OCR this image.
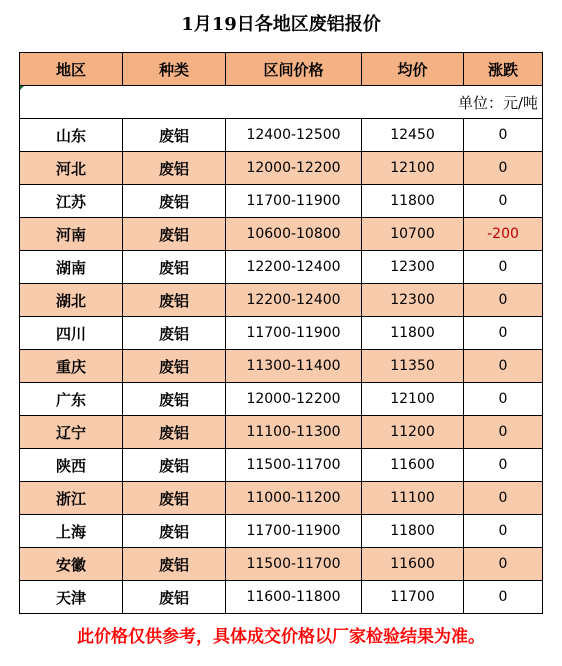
1月19日各地区废铝报价
地区	种类	区间价格	均价	涨跌
单位：元/吨				
山东	废铝	12400-12500	12450	0
河北	废铝	12000-12200	12100	0
江苏	废铝	11700-11900	11800	0
河南	废铝	10600-10800	10700	-200
湖南	废铝	12200-12400	12300	0
湖北	废铝	12200-12400	12300	0
四川	废铝	11700-11900	11800	0
重庆	废铝	11300-11400	11350	0
广东	废铝	12000-12200	12100	0
辽宁	废铝	11100-11300	11200	0
陕西	废铝	11500-11700	11600	0
浙江	废铝	11000-11200	11100	0
上海	废铝	11700-11900	11800	0
安徽	废铝	11500-11700	11600	0
天津	废铝	11600-11800	11700	0
此价格仅供参考，具体成交价格以厂家检验结果为准。
